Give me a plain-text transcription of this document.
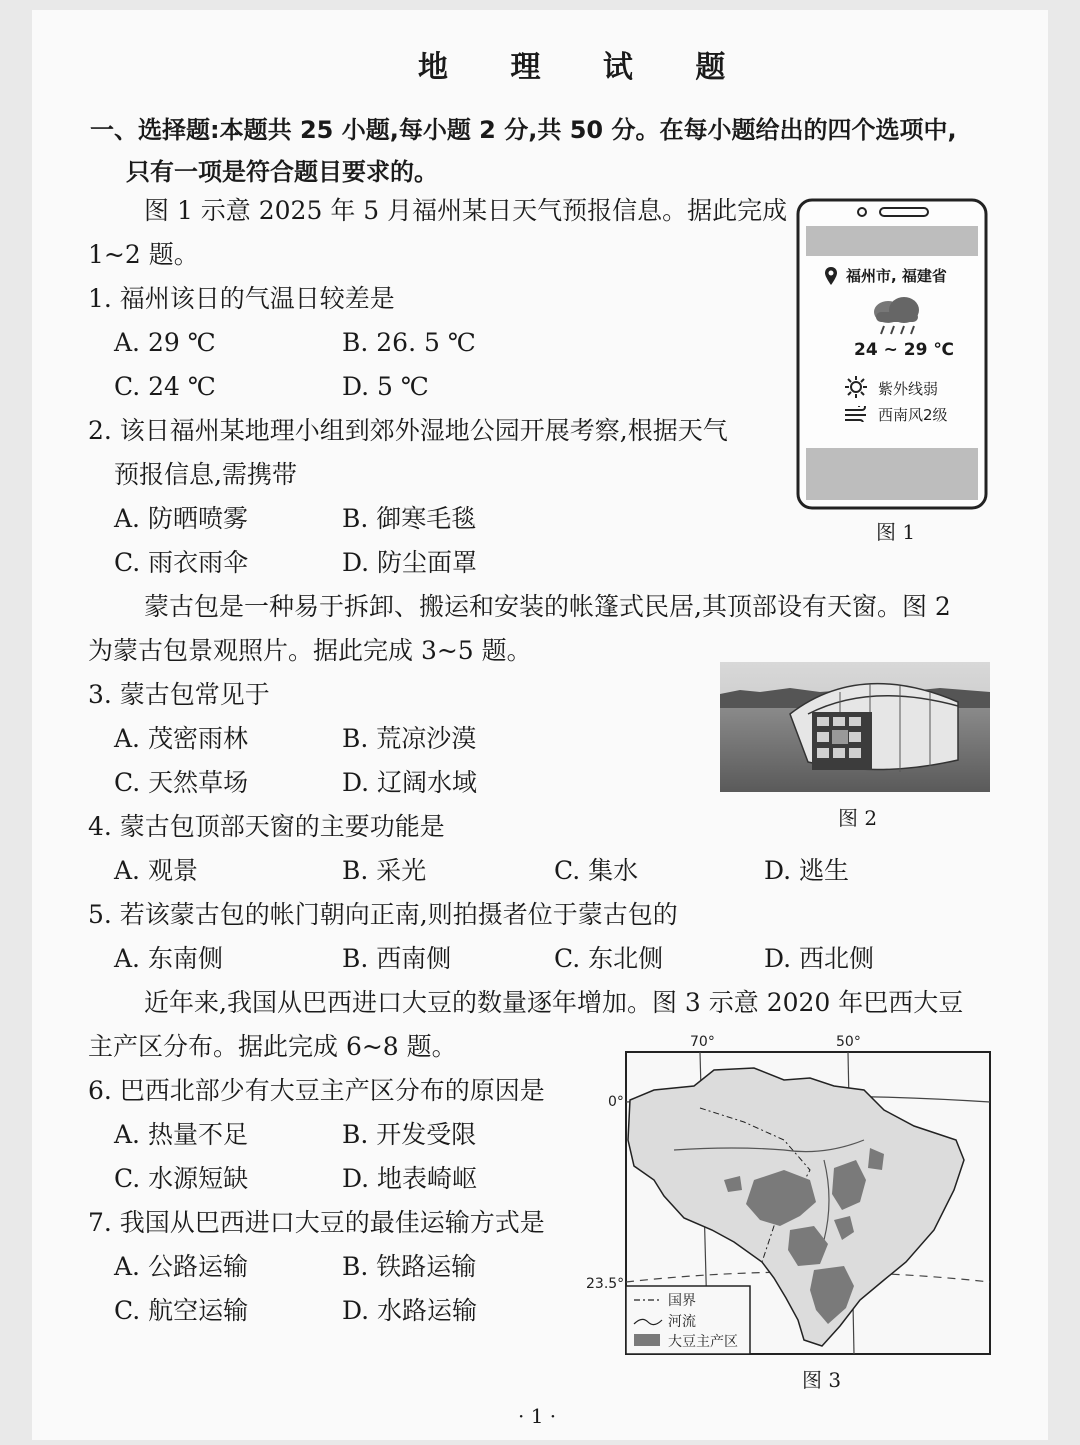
地 理 试 题
一、选择题:本题共 25 小题,每小题 2 分,共 50 分。在每小题给出的四个选项中,
只有一项是符合题目要求的。
图 1 示意 2025 年 5 月福州某日天气预报信息。据此完成
1~2 题。
1. 福州该日的气温日较差是
A. 29 ℃	B. 26. 5 ℃
C. 24 ℃	D. 5 ℃
2. 该日福州某地理小组到郊外湿地公园开展考察,根据天气
预报信息,需携带
A. 防晒喷雾	B. 御寒毛毯
C. 雨衣雨伞	D. 防尘面罩
福州市, 福建省
24 ~ 29 ℃
紫外线弱
西南风2级
图 1
蒙古包是一种易于拆卸、搬运和安装的帐篷式民居,其顶部设有天窗。图 2
为蒙古包景观照片。据此完成 3~5 题。
3. 蒙古包常见于
A. 茂密雨林	B. 荒凉沙漠
C. 天然草场	D. 辽阔水域
图 2
4. 蒙古包顶部天窗的主要功能是
A. 观景	B. 采光	C. 集水	D. 逃生
5. 若该蒙古包的帐门朝向正南,则拍摄者位于蒙古包的
A. 东南侧	B. 西南侧	C. 东北侧	D. 西北侧
近年来,我国从巴西进口大豆的数量逐年增加。图 3 示意 2020 年巴西大豆
主产区分布。据此完成 6~8 题。
6. 巴西北部少有大豆主产区分布的原因是
A. 热量不足	B. 开发受限
C. 水源短缺	D. 地表崎岖
7. 我国从巴西进口大豆的最佳运输方式是
A. 公路运输	B. 铁路运输
C. 航空运输	D. 水路运输
70°	50°
0°
23.5°
国界
河流
大豆主产区
图 3
· 1 ·
